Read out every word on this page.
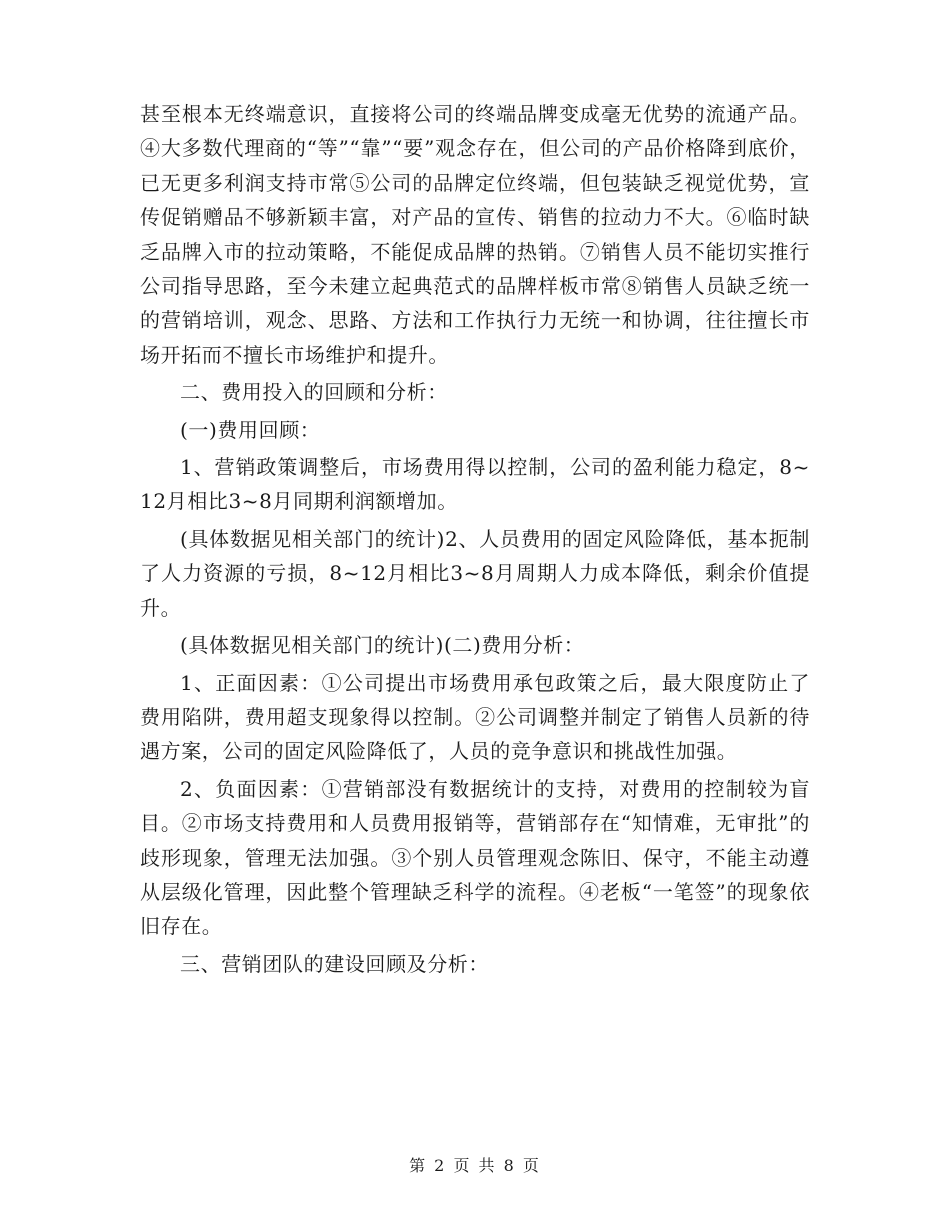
甚至根本无终端意识，直接将公司的终端品牌变成毫无优势的流通产品。④大多数代理商的“等”“靠”“要”观念存在，但公司的产品价格降到底价，已无更多利润支持市常⑤公司的品牌定位终端，但包装缺乏视觉优势，宣传促销赠品不够新颖丰富，对产品的宣传、销售的拉动力不大。⑥临时缺乏品牌入市的拉动策略，不能促成品牌的热销。⑦销售人员不能切实推行公司指导思路，至今未建立起典范式的品牌样板市常⑧销售人员缺乏统一的营销培训，观念、思路、方法和工作执行力无统一和协调，往往擅长市场开拓而不擅长市场维护和提升。

二、费用投入的回顾和分析：

(一)费用回顾：

1、营销政策调整后，市场费用得以控制，公司的盈利能力稳定，8~12月相比3~8月同期利润额增加。

(具体数据见相关部门的统计)2、人员费用的固定风险降低，基本扼制了人力资源的亏损，8~12月相比3~8月周期人力成本降低，剩余价值提升。

(具体数据见相关部门的统计)(二)费用分析：

1、正面因素：①公司提出市场费用承包政策之后，最大限度防止了费用陷阱，费用超支现象得以控制。②公司调整并制定了销售人员新的待遇方案，公司的固定风险降低了，人员的竞争意识和挑战性加强。

2、负面因素：①营销部没有数据统计的支持，对费用的控制较为盲目。②市场支持费用和人员费用报销等，营销部存在“知情难，无审批”的歧形现象，管理无法加强。③个别人员管理观念陈旧、保守，不能主动遵从层级化管理，因此整个管理缺乏科学的流程。④老板“一笔签”的现象依旧存在。

三、营销团队的建设回顾及分析：

第 2 页 共 8 页
